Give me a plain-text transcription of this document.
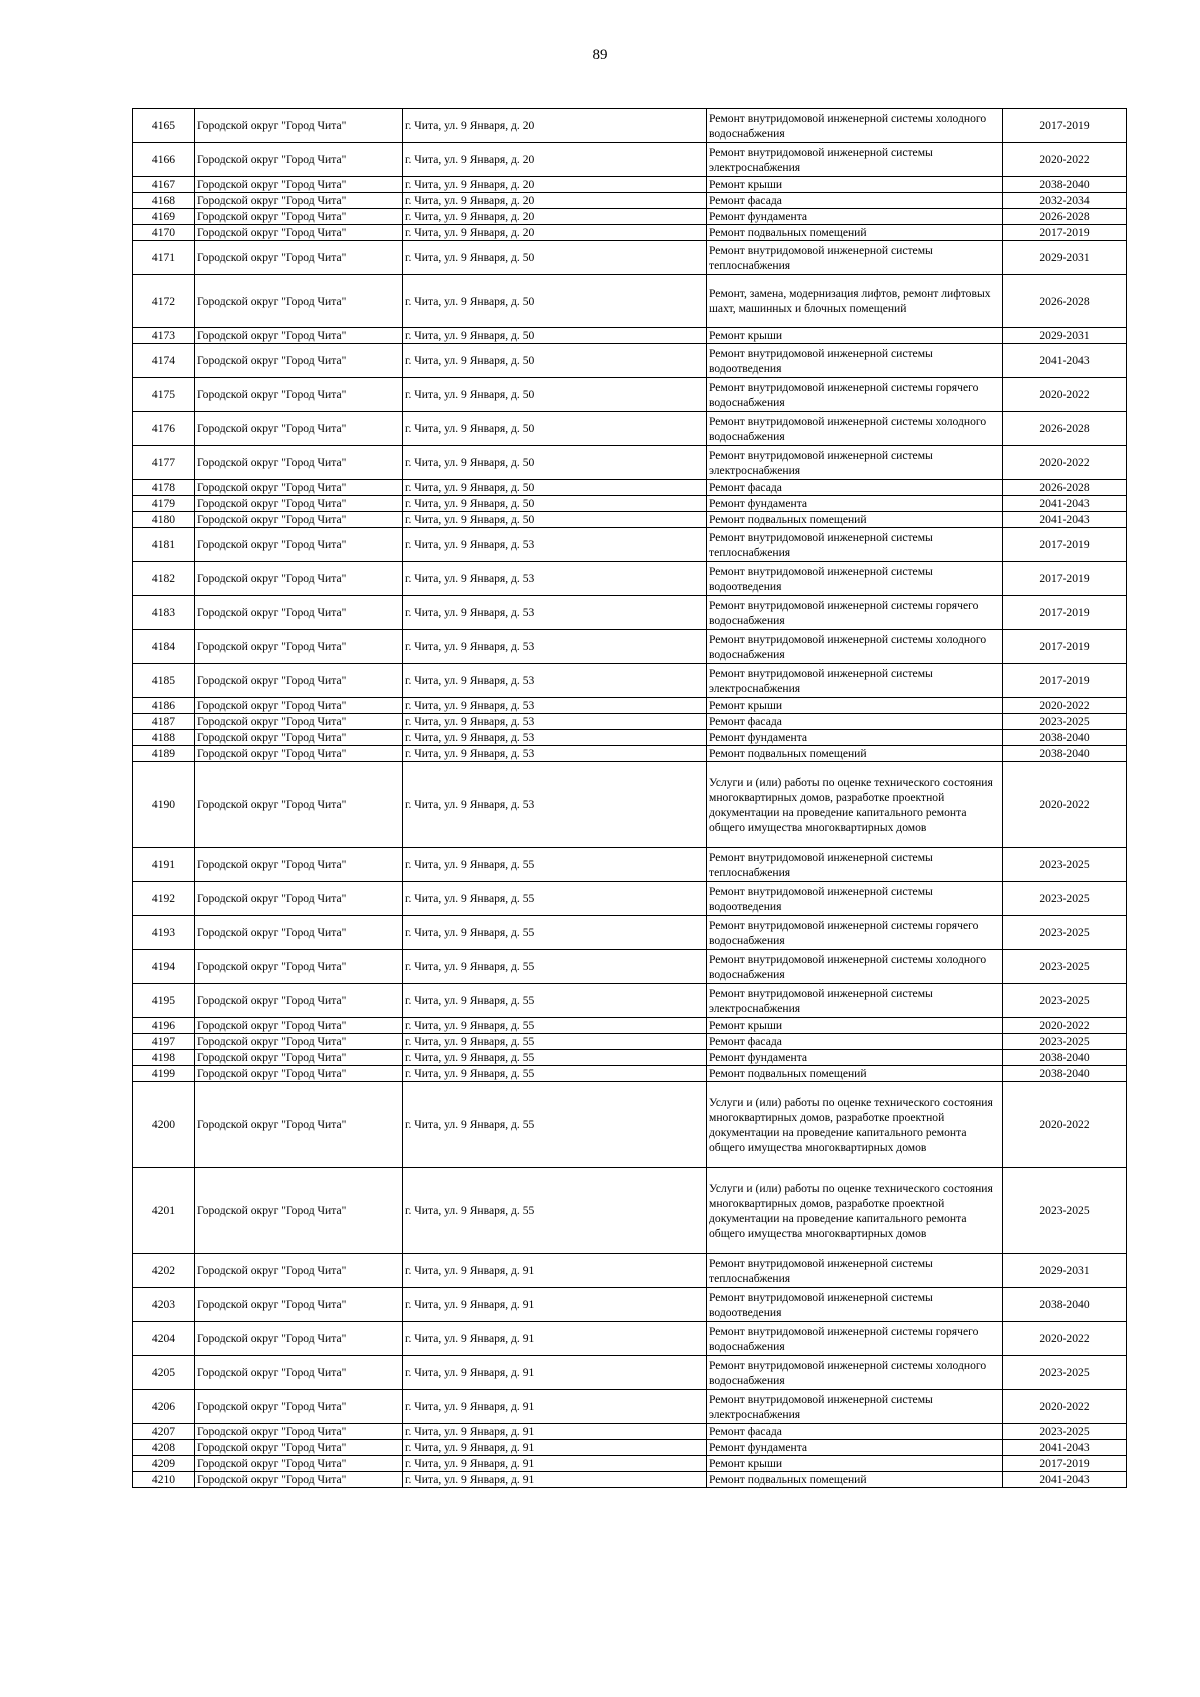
89
4165	Городской округ "Город Чита"	г. Чита, ул. 9 Января, д. 20	Ремонт внутридомовой инженерной системы холодного водоснабжения	2017-2019
4166	Городской округ "Город Чита"	г. Чита, ул. 9 Января, д. 20	Ремонт внутридомовой инженерной системы электроснабжения	2020-2022
4167	Городской округ "Город Чита"	г. Чита, ул. 9 Января, д. 20	Ремонт крыши	2038-2040
4168	Городской округ "Город Чита"	г. Чита, ул. 9 Января, д. 20	Ремонт фасада	2032-2034
4169	Городской округ "Город Чита"	г. Чита, ул. 9 Января, д. 20	Ремонт фундамента	2026-2028
4170	Городской округ "Город Чита"	г. Чита, ул. 9 Января, д. 20	Ремонт подвальных помещений	2017-2019
4171	Городской округ "Город Чита"	г. Чита, ул. 9 Января, д. 50	Ремонт внутридомовой инженерной системы теплоснабжения	2029-2031
4172	Городской округ "Город Чита"	г. Чита, ул. 9 Января, д. 50	Ремонт, замена, модернизация лифтов, ремонт лифтовых шахт, машинных и блочных помещений	2026-2028
4173	Городской округ "Город Чита"	г. Чита, ул. 9 Января, д. 50	Ремонт крыши	2029-2031
4174	Городской округ "Город Чита"	г. Чита, ул. 9 Января, д. 50	Ремонт внутридомовой инженерной системы водоотведения	2041-2043
4175	Городской округ "Город Чита"	г. Чита, ул. 9 Января, д. 50	Ремонт внутридомовой инженерной системы горячего водоснабжения	2020-2022
4176	Городской округ "Город Чита"	г. Чита, ул. 9 Января, д. 50	Ремонт внутридомовой инженерной системы холодного водоснабжения	2026-2028
4177	Городской округ "Город Чита"	г. Чита, ул. 9 Января, д. 50	Ремонт внутридомовой инженерной системы электроснабжения	2020-2022
4178	Городской округ "Город Чита"	г. Чита, ул. 9 Января, д. 50	Ремонт фасада	2026-2028
4179	Городской округ "Город Чита"	г. Чита, ул. 9 Января, д. 50	Ремонт фундамента	2041-2043
4180	Городской округ "Город Чита"	г. Чита, ул. 9 Января, д. 50	Ремонт подвальных помещений	2041-2043
4181	Городской округ "Город Чита"	г. Чита, ул. 9 Января, д. 53	Ремонт внутридомовой инженерной системы теплоснабжения	2017-2019
4182	Городской округ "Город Чита"	г. Чита, ул. 9 Января, д. 53	Ремонт внутридомовой инженерной системы водоотведения	2017-2019
4183	Городской округ "Город Чита"	г. Чита, ул. 9 Января, д. 53	Ремонт внутридомовой инженерной системы горячего водоснабжения	2017-2019
4184	Городской округ "Город Чита"	г. Чита, ул. 9 Января, д. 53	Ремонт внутридомовой инженерной системы холодного водоснабжения	2017-2019
4185	Городской округ "Город Чита"	г. Чита, ул. 9 Января, д. 53	Ремонт внутридомовой инженерной системы электроснабжения	2017-2019
4186	Городской округ "Город Чита"	г. Чита, ул. 9 Января, д. 53	Ремонт крыши	2020-2022
4187	Городской округ "Город Чита"	г. Чита, ул. 9 Января, д. 53	Ремонт фасада	2023-2025
4188	Городской округ "Город Чита"	г. Чита, ул. 9 Января, д. 53	Ремонт фундамента	2038-2040
4189	Городской округ "Город Чита"	г. Чита, ул. 9 Января, д. 53	Ремонт подвальных помещений	2038-2040
4190	Городской округ "Город Чита"	г. Чита, ул. 9 Января, д. 53	Услуги и (или) работы по оценке технического состояния многоквартирных домов, разработке проектной документации на проведение капитального ремонта общего имущества многоквартирных домов	2020-2022
4191	Городской округ "Город Чита"	г. Чита, ул. 9 Января, д. 55	Ремонт внутридомовой инженерной системы теплоснабжения	2023-2025
4192	Городской округ "Город Чита"	г. Чита, ул. 9 Января, д. 55	Ремонт внутридомовой инженерной системы водоотведения	2023-2025
4193	Городской округ "Город Чита"	г. Чита, ул. 9 Января, д. 55	Ремонт внутридомовой инженерной системы горячего водоснабжения	2023-2025
4194	Городской округ "Город Чита"	г. Чита, ул. 9 Января, д. 55	Ремонт внутридомовой инженерной системы холодного водоснабжения	2023-2025
4195	Городской округ "Город Чита"	г. Чита, ул. 9 Января, д. 55	Ремонт внутридомовой инженерной системы электроснабжения	2023-2025
4196	Городской округ "Город Чита"	г. Чита, ул. 9 Января, д. 55	Ремонт крыши	2020-2022
4197	Городской округ "Город Чита"	г. Чита, ул. 9 Января, д. 55	Ремонт фасада	2023-2025
4198	Городской округ "Город Чита"	г. Чита, ул. 9 Января, д. 55	Ремонт фундамента	2038-2040
4199	Городской округ "Город Чита"	г. Чита, ул. 9 Января, д. 55	Ремонт подвальных помещений	2038-2040
4200	Городской округ "Город Чита"	г. Чита, ул. 9 Января, д. 55	Услуги и (или) работы по оценке технического состояния многоквартирных домов, разработке проектной документации на проведение капитального ремонта общего имущества многоквартирных домов	2020-2022
4201	Городской округ "Город Чита"	г. Чита, ул. 9 Января, д. 55	Услуги и (или) работы по оценке технического состояния многоквартирных домов, разработке проектной документации на проведение капитального ремонта общего имущества многоквартирных домов	2023-2025
4202	Городской округ "Город Чита"	г. Чита, ул. 9 Января, д. 91	Ремонт внутридомовой инженерной системы теплоснабжения	2029-2031
4203	Городской округ "Город Чита"	г. Чита, ул. 9 Января, д. 91	Ремонт внутридомовой инженерной системы водоотведения	2038-2040
4204	Городской округ "Город Чита"	г. Чита, ул. 9 Января, д. 91	Ремонт внутридомовой инженерной системы горячего водоснабжения	2020-2022
4205	Городской округ "Город Чита"	г. Чита, ул. 9 Января, д. 91	Ремонт внутридомовой инженерной системы холодного водоснабжения	2023-2025
4206	Городской округ "Город Чита"	г. Чита, ул. 9 Января, д. 91	Ремонт внутридомовой инженерной системы электроснабжения	2020-2022
4207	Городской округ "Город Чита"	г. Чита, ул. 9 Января, д. 91	Ремонт фасада	2023-2025
4208	Городской округ "Город Чита"	г. Чита, ул. 9 Января, д. 91	Ремонт фундамента	2041-2043
4209	Городской округ "Город Чита"	г. Чита, ул. 9 Января, д. 91	Ремонт крыши	2017-2019
4210	Городской округ "Город Чита"	г. Чита, ул. 9 Января, д. 91	Ремонт подвальных помещений	2041-2043
